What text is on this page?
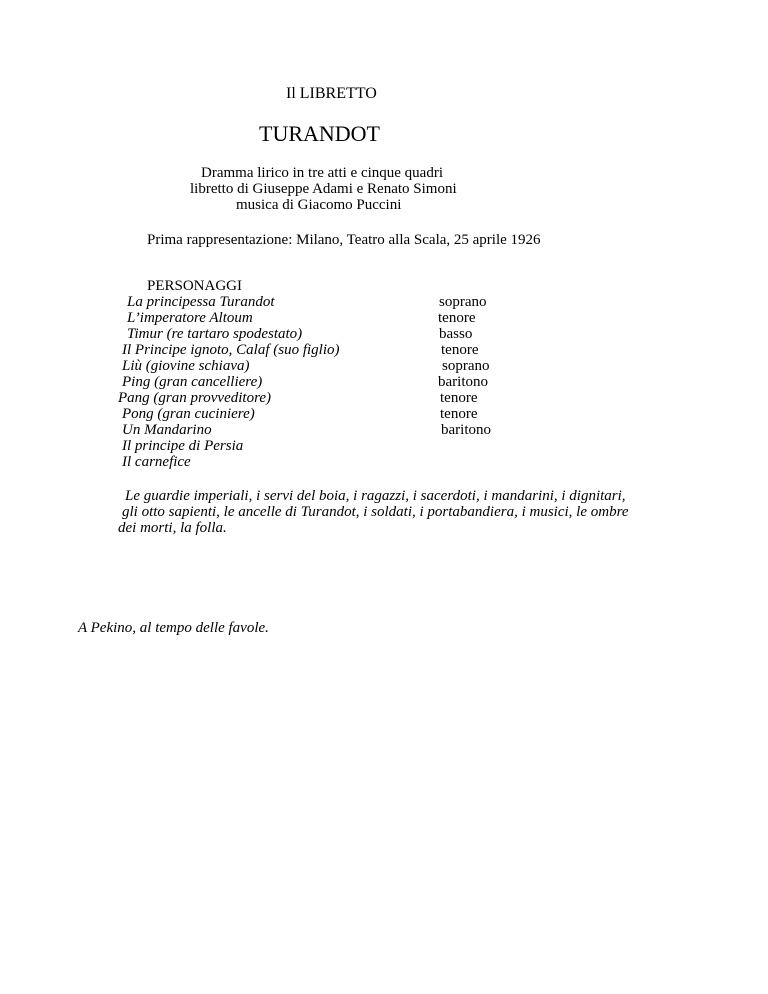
Il LIBRETTO
TURANDOT
Dramma lirico in tre atti e cinque quadri
libretto di Giuseppe Adami e Renato Simoni
musica di Giacomo Puccini
Prima rappresentazione: Milano, Teatro alla Scala, 25 aprile 1926
PERSONAGGI
La principessa Turandot
L’imperatore Altoum
Timur (re tartaro spodestato)
Il Principe ignoto, Calaf (suo figlio)
Liù (giovine schiava)
Ping (gran cancelliere)
Pang (gran provveditore)
Pong (gran cuciniere)
Un Mandarino
Il principe di Persia
Il carnefice
soprano
tenore
basso
tenore
soprano
baritono
tenore
tenore
baritono
Le guardie imperiali, i servi del boia, i ragazzi, i sacerdoti, i mandarini, i dignitari,
gli otto sapienti, le ancelle di Turandot, i soldati, i portabandiera, i musici, le ombre
dei morti, la folla.
A Pekino, al tempo delle favole.
